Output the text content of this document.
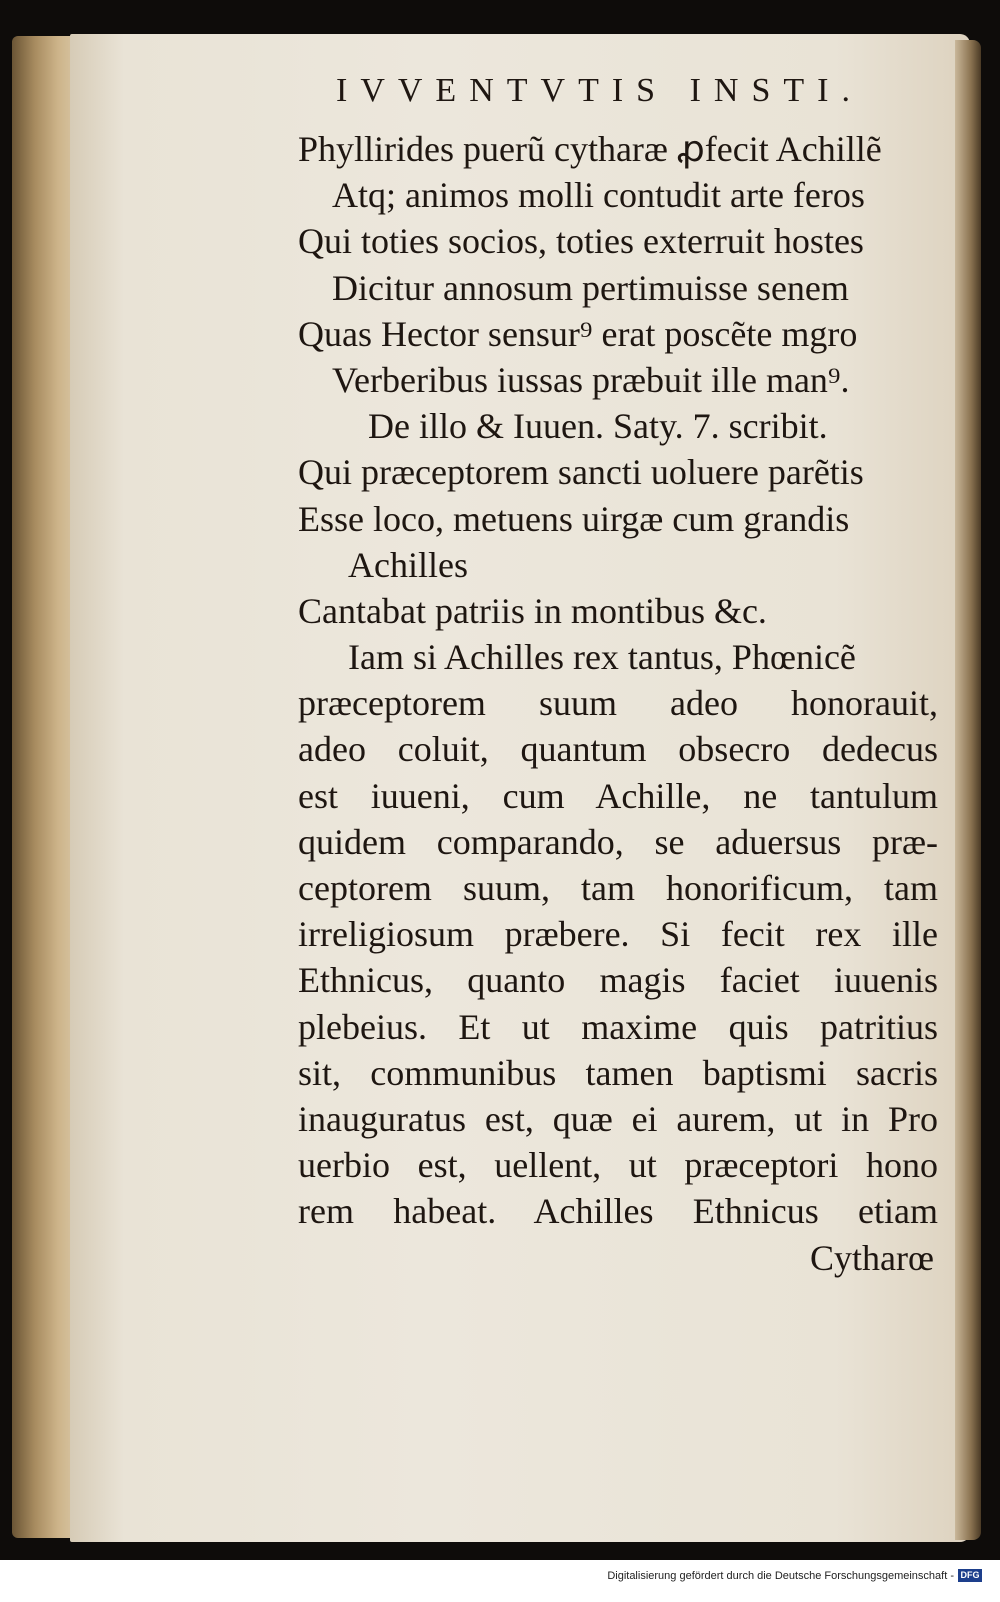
IVVENTVTIS INSTI.
Phyllirides puerũ cytharæ ꝓfecit Achillẽ
Atq; animos molli contudit arte feros
Qui toties socios, toties exterruit hostes
Dicitur annosum pertimuisse senem
Quas Hector sensur⁹ erat poscẽte mgro
Verberibus iussas præbuit ille man⁹.
De illo & Iuuen. Saty. 7. scribit.
Qui præceptorem sancti uoluere parẽtis
Esse loco, metuens uirgæ cum grandis
Achilles
Cantabat patriis in montibus &c.
Iam si Achilles rex tantus, Phœnicẽ
præceptorem suum adeo honorauit,
adeo coluit, quantum obsecro dedecus
est iuueni, cum Achille, ne tantulum
quidem comparando, se aduersus præ-
ceptorem suum, tam honorificum, tam
irreligiosum præbere. Si fecit rex ille
Ethnicus, quanto magis faciet iuuenis
plebeius. Et ut maxime quis patritius
sit, communibus tamen baptismi sacris
inauguratus est, quæ ei aurem, ut in Pro
uerbio est, uellent, ut præceptori hono
rem habeat. Achilles Ethnicus etiam
Cytharœ
Digitalisierung gefördert durch die Deutsche Forschungsgemeinschaft - DFG
